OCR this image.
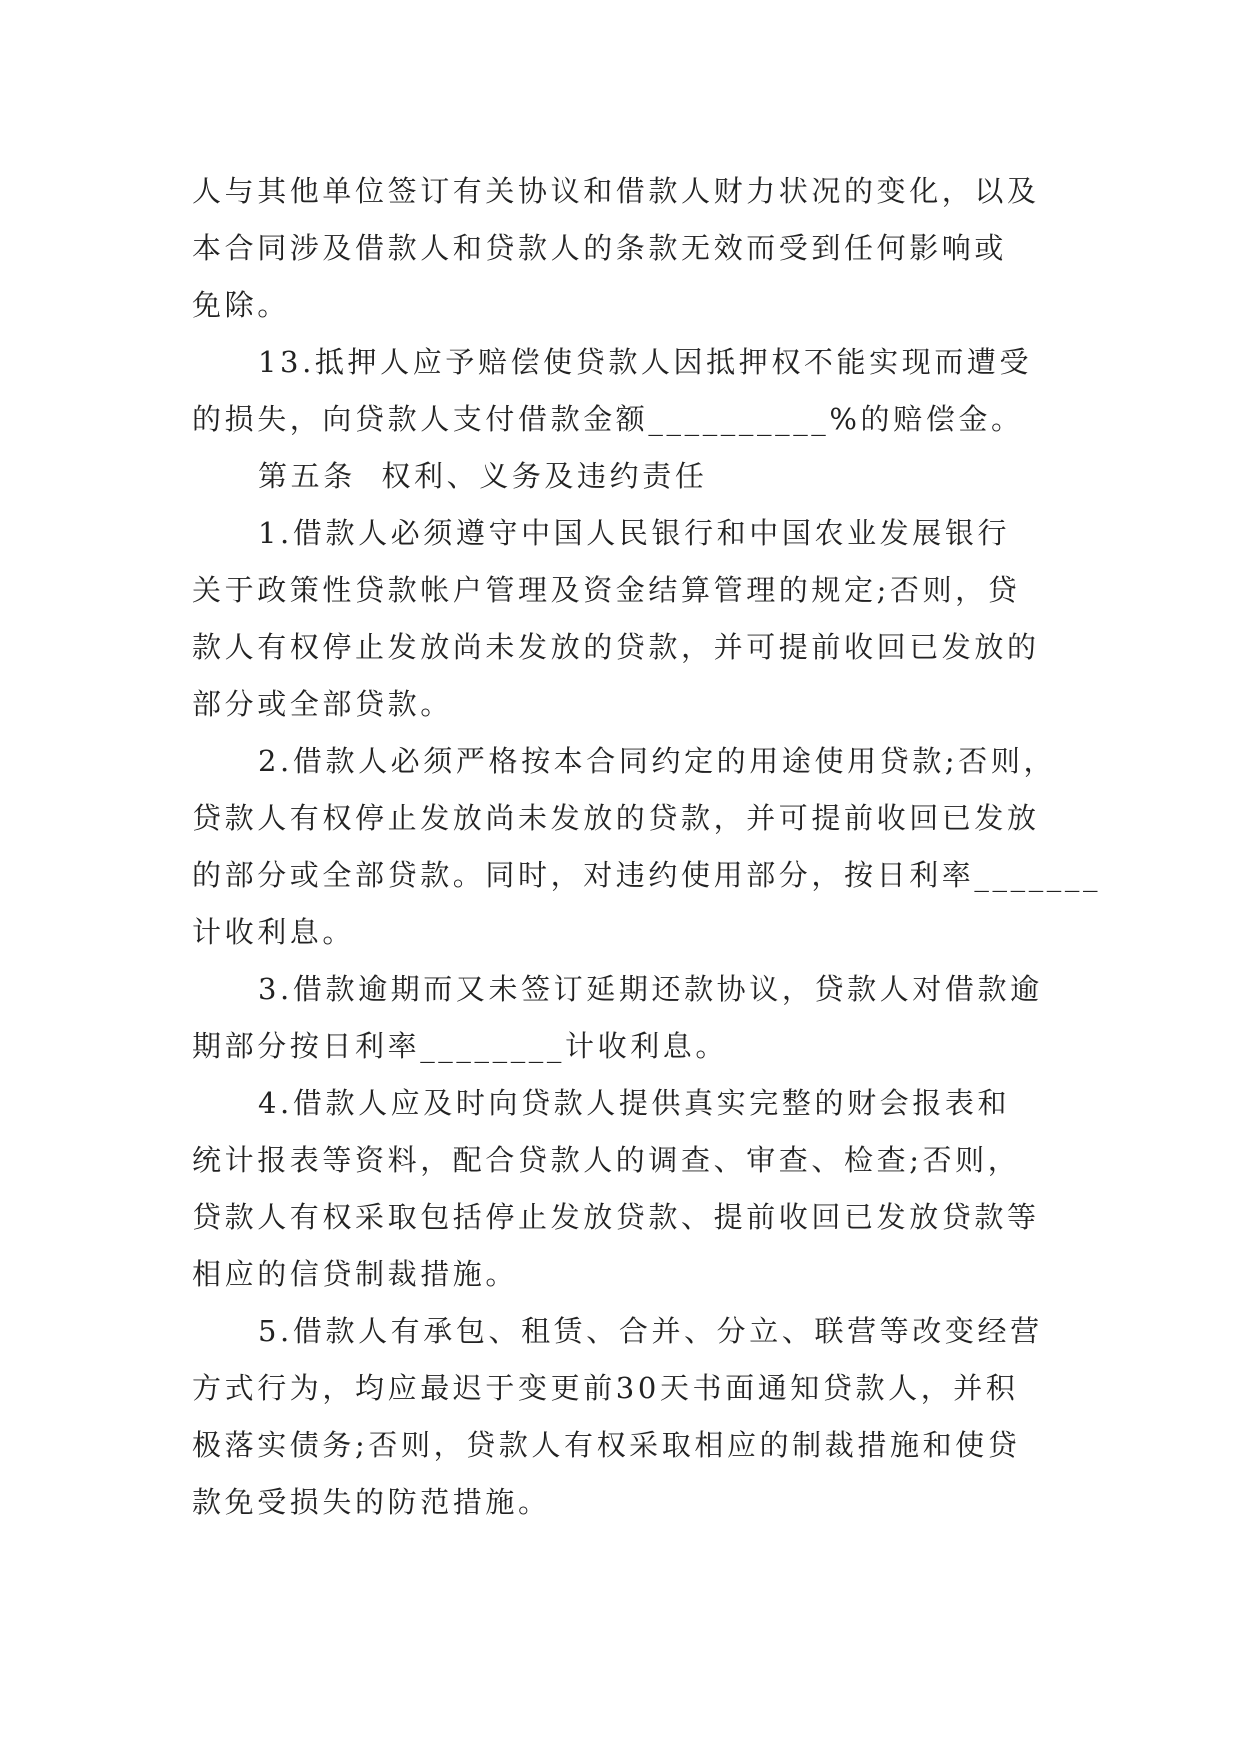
人与其他单位签订有关协议和借款人财力状况的变化，以及
本合同涉及借款人和贷款人的条款无效而受到任何影响或
免除。
13.抵押人应予赔偿使贷款人因抵押权不能实现而遭受
的损失，向贷款人支付借款金额__________%的赔偿金。
第五条  权利、义务及违约责任
1.借款人必须遵守中国人民银行和中国农业发展银行
关于政策性贷款帐户管理及资金结算管理的规定;否则，贷
款人有权停止发放尚未发放的贷款，并可提前收回已发放的
部分或全部贷款。
2.借款人必须严格按本合同约定的用途使用贷款;否则，
贷款人有权停止发放尚未发放的贷款，并可提前收回已发放
的部分或全部贷款。同时，对违约使用部分，按日利率_______
计收利息。
3.借款逾期而又未签订延期还款协议，贷款人对借款逾
期部分按日利率________计收利息。
4.借款人应及时向贷款人提供真实完整的财会报表和
统计报表等资料，配合贷款人的调查、审查、检查;否则，
贷款人有权采取包括停止发放贷款、提前收回已发放贷款等
相应的信贷制裁措施。
5.借款人有承包、租赁、合并、分立、联营等改变经营
方式行为，均应最迟于变更前30天书面通知贷款人，并积
极落实债务;否则，贷款人有权采取相应的制裁措施和使贷
款免受损失的防范措施。
